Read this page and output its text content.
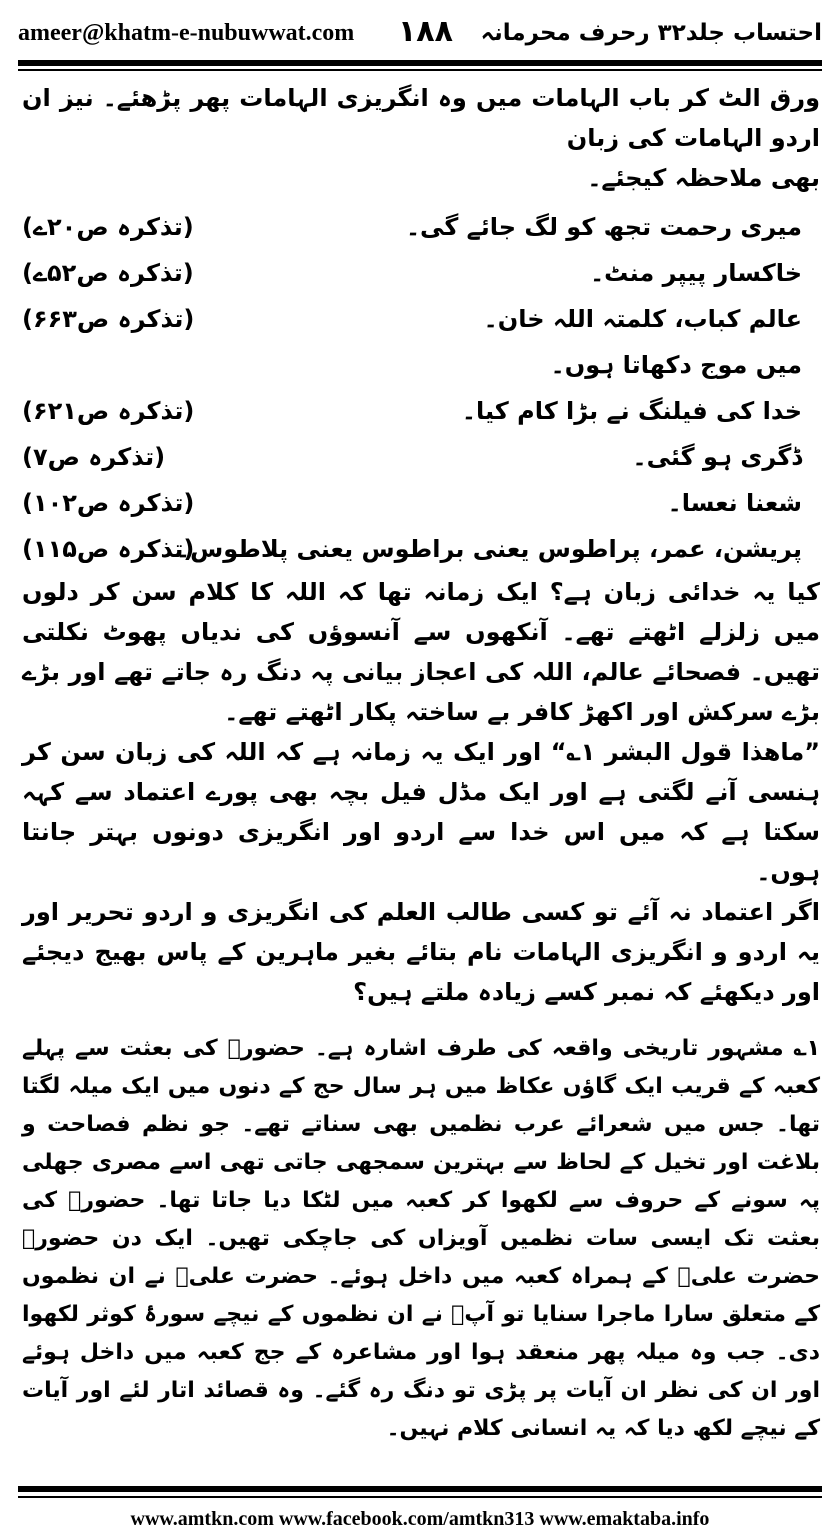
ameer@khatm-e-nubuwwat.com ١٨٨ احتساب جلد۳۲ رحرف محرمانہ
ورق الٹ کر باب الہامات میں وہ انگریزی الہامات پھر پڑھئے۔ نیز ان اردو الہامات کی زبان
بھی ملاحظہ کیجئے۔
میری رحمت تجھ کو لگ جائے گی۔
(تذکرہ ص۲۰ے)
خاکسار پیپر منٹ۔
(تذکرہ ص۵۲ے)
عالم کباب، کلمتہ اللہ خان۔
(تذکرہ ص۶۶۳)
میں موج دکھاتا ہوں۔
خدا کی فیلنگ نے بڑا کام کیا۔
(تذکرہ ص۶۲۱)
ڈگری ہو گئی۔
(تذکرہ ص۷)
شعنا نعسا۔
(تذکرہ ص۱۰۲)
پریشن، عمر، پراطوس یعنی براطوس یعنی پلاطوس۔
(تذکرہ ص۱۱۵)
کیا یہ خدائی زبان ہے؟ ایک زمانہ تھا کہ اللہ کا کلام سن کر دلوں میں زلزلے اٹھتے تھے۔ آنکھوں سے آنسوؤں کی ندیاں پھوٹ نکلتی تھیں۔ فصحائے عالم، اللہ کی اعجاز بیانی پہ دنگ رہ جاتے تھے اور بڑے بڑے سرکش اور اکھڑ کافر بے ساختہ پکار اٹھتے تھے۔
”ماھذا قول البشر ۱؎“ اور ایک یہ زمانہ ہے کہ اللہ کی زبان سن کر ہنسی آنے لگتی ہے اور ایک مڈل فیل بچہ بھی پورے اعتماد سے کہہ سکتا ہے کہ میں اس خدا سے اردو اور انگریزی دونوں بہتر جانتا ہوں۔
اگر اعتماد نہ آئے تو کسی طالب العلم کی انگریزی و اردو تحریر اور یہ اردو و انگریزی الہامات نام بتائے بغیر ماہرین کے پاس بھیج دیجئے اور دیکھئے کہ نمبر کسے زیادہ ملتے ہیں؟
۱؎ مشہور تاریخی واقعہ کی طرف اشارہ ہے۔ حضورﷺ کی بعثت سے پہلے کعبہ کے قریب ایک گاؤں عکاظ میں ہر سال حج کے دنوں میں ایک میلہ لگتا تھا۔ جس میں شعرائے عرب نظمیں بھی سناتے تھے۔ جو نظم فصاحت و بلاغت اور تخیل کے لحاظ سے بہترین سمجھی جاتی تھی اسے مصری جھلی پہ سونے کے حروف سے لکھوا کر کعبہ میں لٹکا دیا جاتا تھا۔ حضورﷺ کی بعثت تک ایسی سات نظمیں آویزاں کی جاچکی تھیں۔ ایک دن حضورﷺ حضرت علیؓ کے ہمراہ کعبہ میں داخل ہوئے۔ حضرت علیؓ نے ان نظموں کے متعلق سارا ماجرا سنایا تو آپؐ نے ان نظموں کے نیچے سورۂ کوثر لکھوا دی۔ جب وہ میلہ پھر منعقد ہوا اور مشاعرہ کے جج کعبہ میں داخل ہوئے اور ان کی نظر ان آیات پر پڑی تو دنگ رہ گئے۔ وہ قصائد اتار لئے اور آیات کے نیچے لکھ دیا کہ یہ انسانی کلام نہیں۔
www.amtkn.com www.facebook.com/amtkn313 www.emaktaba.info
